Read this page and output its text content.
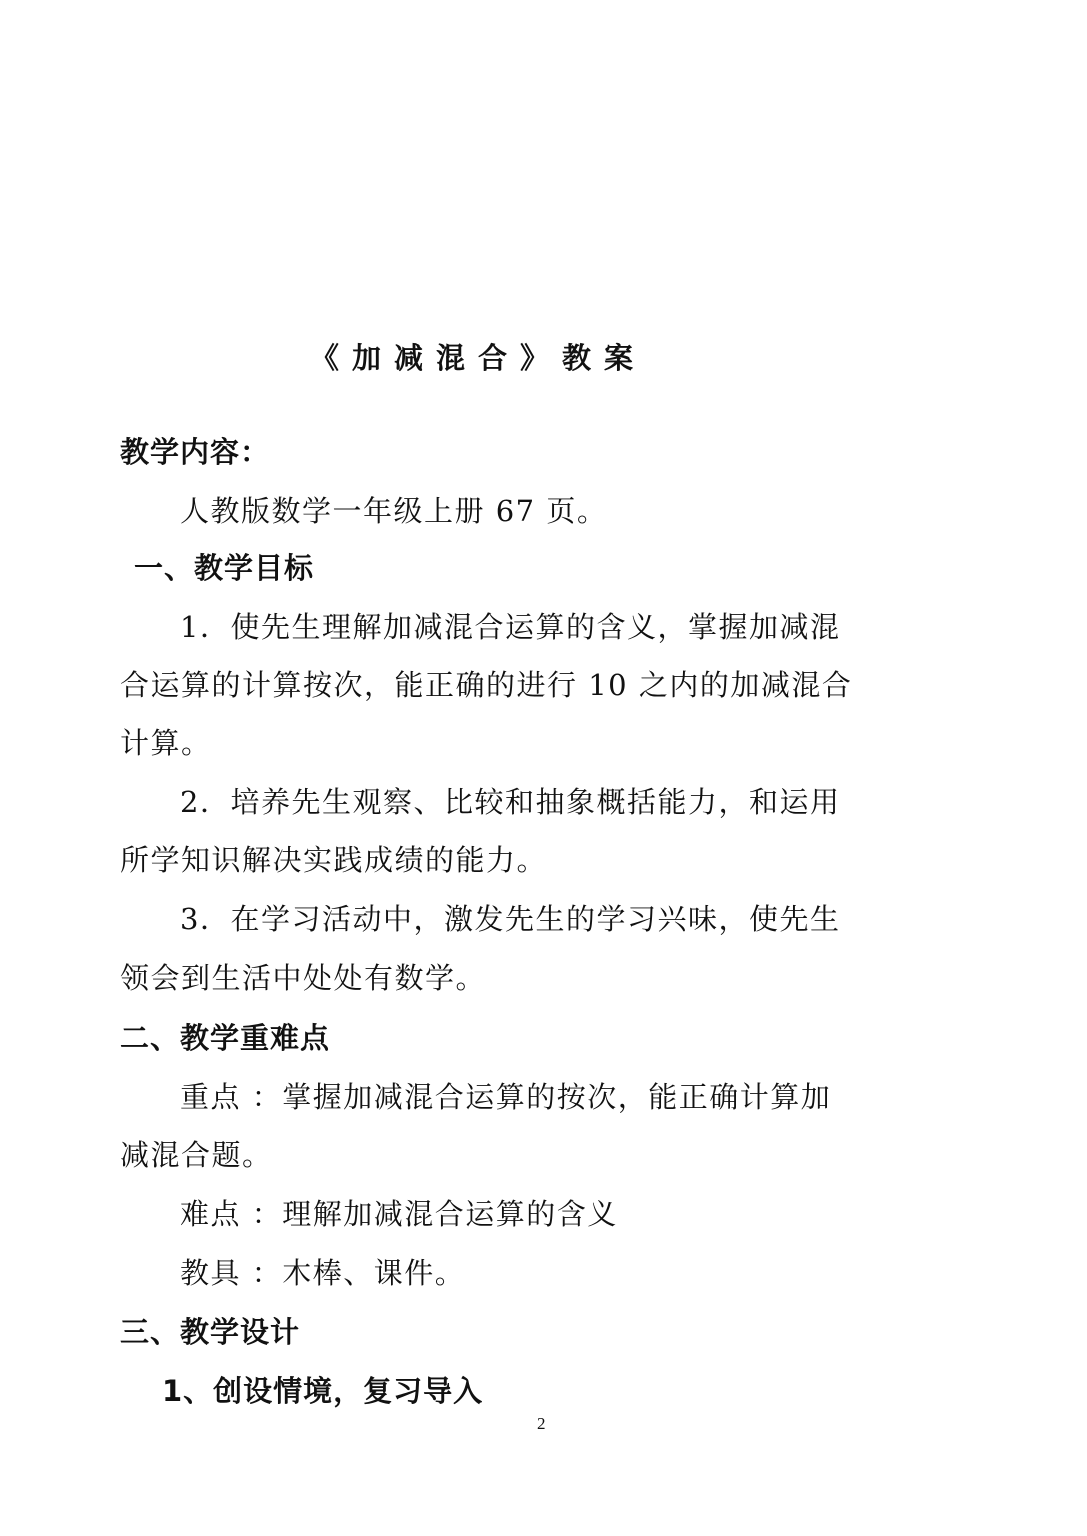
《加减混合》教案
教学内容：
人教版数学一年级上册 67 页。
一、教学目标
1．使先生理解加减混合运算的含义，掌握加减混
合运算的计算按次，能正确的进行 10 之内的加减混合
计算。
2．培养先生观察、比较和抽象概括能力，和运用
所学知识解决实践成绩的能力。
3．在学习活动中，激发先生的学习兴味，使先生
领会到生活中处处有数学。
二、教学重难点
重点 ：掌握加减混合运算的按次，能正确计算加
减混合题。
难点 ：理解加减混合运算的含义
教具 ：木棒、课件。
三、教学设计
1、创设情境，复习导入
2
